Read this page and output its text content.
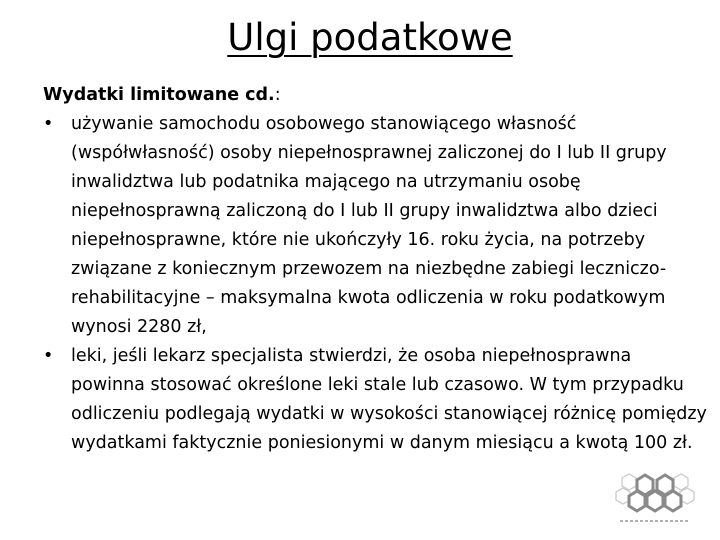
Ulgi podatkowe

Wydatki limitowane cd.:

• używanie samochodu osobowego stanowiącego własność (współwłasność) osoby niepełnosprawnej zaliczonej do I lub II grupy inwalidztwa lub podatnika mającego na utrzymaniu osobę niepełnosprawną zaliczoną do I lub II grupy inwalidztwa albo dzieci niepełnosprawne, które nie ukończyły 16. roku życia, na potrzeby związane z koniecznym przewozem na niezbędne zabiegi leczniczo-rehabilitacyjne – maksymalna kwota odliczenia w roku podatkowym wynosi 2280 zł,
• leki, jeśli lekarz specjalista stwierdzi, że osoba niepełnosprawna powinna stosować określone leki stale lub czasowo. W tym przypadku odliczeniu podlegają wydatki w wysokości stanowiącej różnicę pomiędzy wydatkami faktycznie poniesionymi w danym miesiącu a kwotą 100 zł.
